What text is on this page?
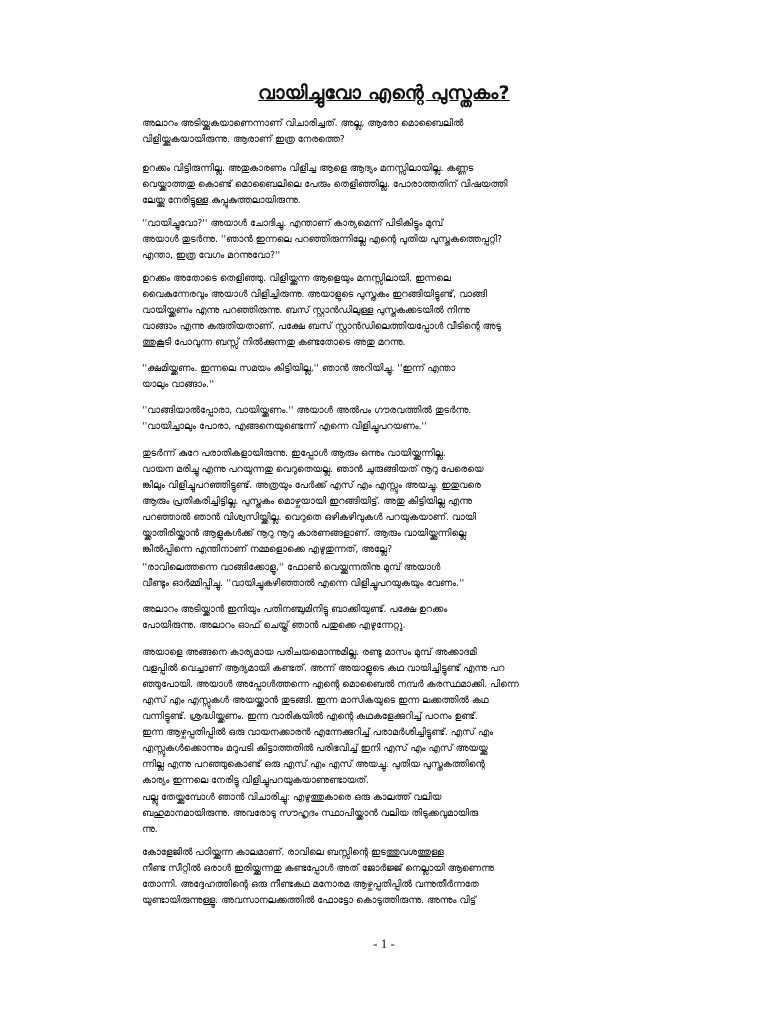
വായിച്ചുവോ എന്റെ പുസ്തകം?
അലാറം അടിയ്ക്കുകയാണെന്നാണ് വിചാരിച്ചത്. അല്ല, ആരോ മൊബൈലിൽ
വിളിയ്ക്കുകയായിരുന്നു. ആരാണ് ഇത്ര നേരത്തെ?
ഉറക്കം വിട്ടിരുന്നില്ല. അതുകാരണം വിളിച്ച ആളെ ആദ്യം മനസ്സിലായില്ല. കണ്ണട
വെയ്ക്കാത്തതു കൊണ്ട് മൊബൈലിലെ പേരും തെളിഞ്ഞില്ല. പോരാത്തതിന് വിഷയത്തി
ലേയ്ക്കു നേരിട്ടുള്ള കുപ്പുകുത്തലായിരുന്നു.
''വായിച്ചുവോ?'' അയാൾ ചോദിച്ചു. എന്താണ് കാര്യമെന്ന് പിടികിട്ടും മുമ്പ്
അയാൾ തുടർന്നു. ''ഞാൻ ഇന്നലെ പറഞ്ഞിരുന്നില്ലേ എന്റെ പുതിയ പുസ്തകത്തെപ്പറ്റി?
എന്താ, ഇത്ര വേഗം മറന്നുവോ?''
ഉറക്കം അതോടെ തെളിഞ്ഞു. വിളിയ്ക്കുന്ന ആളെയും മനസ്സിലായി. ഇന്നലെ
വൈകുന്നേരവും അയാൾ വിളിച്ചിരുന്നു. അയാളുടെ പുസ്തകം ഇറങ്ങിയിട്ടുണ്ട്, വാങ്ങി
വായിയ്ക്കണം എന്നു പറഞ്ഞിരുന്നു. ബസ് സ്റ്റാൻഡിലുള്ള പുസ്തകക്കടയിൽ നിന്നു
വാങ്ങാം എന്നു കരുതിയതാണ്. പക്ഷേ ബസ് സ്റ്റാൻഡിലെത്തിയപ്പോൾ വീടിന്റെ അടു
ത്തുകൂടി പോവുന്ന ബസ്സ് നിൽക്കുന്നതു കണ്ടതോടെ അതു മറന്നു.
''ക്ഷമിയ്ക്കണം. ഇന്നലെ സമയം കിട്ടിയില്ല,'' ഞാൻ അറിയിച്ചു. ''ഇന്ന് എന്താ
യാലും വാങ്ങാം.''
''വാങ്ങിയാൽപ്പോരാ, വായിയ്ക്കണം.'' അയാൾ അൽപം ഗൗരവത്തിൽ തുടർന്നു.
''വായിച്ചാലും പോരാ, എങ്ങനെയുണ്ടെന്ന് എന്നെ വിളിച്ചുപറയണം.''
തുടർന്ന് കുറേ പരാതികളായിരുന്നു. ഇപ്പോൾ ആരും ഒന്നും വായിയ്ക്കുന്നില്ല.
വായന മരിച്ചു എന്നു പറയുന്നതു വെറുതെയല്ല. ഞാൻ ചുരുങ്ങിയത് നൂറു പേരെയെ
ങ്കിലും വിളിച്ചുപറഞ്ഞിട്ടുണ്ട്. അത്രയും പേർക്ക് എസ് എം എസ്സും അയച്ചു. ഇതുവരെ
ആരും പ്രതികരിച്ചിട്ടില്ല. പുസ്തകം മൊഴ്ചയായി ഇറങ്ങിയിട്ട്. അതു കിട്ടിയില്ല എന്നു
പറഞ്ഞാൽ ഞാൻ വിശ്വസിയ്ക്കില്ല. വെറുതെ ഒഴികഴിവുകൾ പറയുകയാണ്. വായി
യ്ക്കാതിരിയ്ക്കാൻ ആളുകൾക്ക് നൂറു നൂറു കാരണങ്ങളാണ്. ആരും വായിയ്ക്കുന്നില്ലെ
ങ്കിൽപ്പിന്നെ എന്തിനാണ് നമ്മളൊക്കെ എഴുതുന്നത്, അല്ലേ?
''രാവിലെത്തന്നെ വാങ്ങിക്കോളൂ,'' ഫോൺ വെയ്ക്കുന്നതിനു മുമ്പ് അയാൾ
വീണ്ടും ഓർമ്മിപ്പിച്ചു. ''വായിച്ചുകഴിഞ്ഞാൽ എന്നെ വിളിച്ചുപറയുകയും വേണം.''
അലാറം അടിയ്ക്കാൻ ഇനിയും പതിനഞ്ചുമിനിട്ടു ബാക്കിയുണ്ട്. പക്ഷേ ഉറക്കം
പോയിരുന്നു. അലാറം ഓഫ് ചെയ്ത് ഞാൻ പതുക്കെ എഴുന്നേറ്റു.
അയാളെ അങ്ങനെ കാര്യമായ പരിചയമൊന്നുമില്ല. രണ്ടു മാസം മുമ്പ് അക്കാദമി
വളപ്പിൽ വെച്ചാണ് ആദ്യമായി കണ്ടത്. അന്ന് അയാളുടെ കഥ വായിച്ചിട്ടുണ്ട് എന്നു പറ
ഞ്ഞുപോയി. അയാൾ അപ്പോൾത്തന്നെ എന്റെ മൊബൈൽ നമ്പർ കരസ്ഥമാക്കി. പിന്നെ
എസ് എം എസ്സുകൾ അയയ്ക്കാൻ തുടങ്ങി. ഇന്ന മാസികയുടെ ഇന്ന ലക്കത്തിൽ കഥ
വന്നിട്ടുണ്ട്. ശ്രദ്ധിയ്ക്കണം. ഇന്ന വാരികയിൽ എന്റെ കഥകളേക്കുറിച്ച് പഠനം ഉണ്ട്.
ഇന്ന ആഴ്ചപ്പതിപ്പിൽ ഒരു വായനക്കാരൻ എന്നേക്കുറിച്ച് പരാമർശിച്ചിട്ടുണ്ട്. എസ് എം
എസ്സുകൾക്കൊന്നും മറുപടി കിട്ടാത്തതിൽ പരിഭവിച്ച് ഇനി എസ് എം എസ് അയയ്ക്കു
ന്നില്ല എന്നു പറഞ്ഞുകൊണ്ട് ഒരു എസ് എം എസ് അയച്ചു. പുതിയ പുസ്തകത്തിന്റെ
കാര്യം ഇന്നലെ നേരിട്ടു വിളിച്ചുപറയുകയാണുണ്ടായത്.
പല്ലു തേയ്ക്കുമ്പോൾ ഞാൻ വിചാരിച്ചു: എഴുത്തുകാരെ ഒരു കാലത്ത് വലിയ
ബഹുമാനമായിരുന്നു. അവരോടു സൗഹൃദം സ്ഥാപിയ്ക്കാൻ വലിയ തിടുക്കവുമായിരു
ന്നു.
കോളേജിൽ പഠിയ്ക്കുന്ന കാലമാണ്. രാവിലെ ബസ്സിന്റെ ഇടത്തുവശത്തുള്ള
നീണ്ട സീറ്റിൽ ഒരാൾ ഇരിയ്ക്കുന്നതു കണ്ടപ്പോൾ അത് ജോർജ്ജ് നെല്ലായി ആണെന്നു
തോന്നി. അദ്ദേഹത്തിന്റെ ഒരു നീണ്ടകഥ മനോരമ ആഴ്ചപ്പതിപ്പിൽ വന്നുതീർന്നതേ
യുണ്ടായിരുന്നുള്ളൂ. അവസാനലക്കത്തിൽ ഫോട്ടോ കൊടുത്തിരുന്നു. അന്നും വിട്ട്
- 1 -
